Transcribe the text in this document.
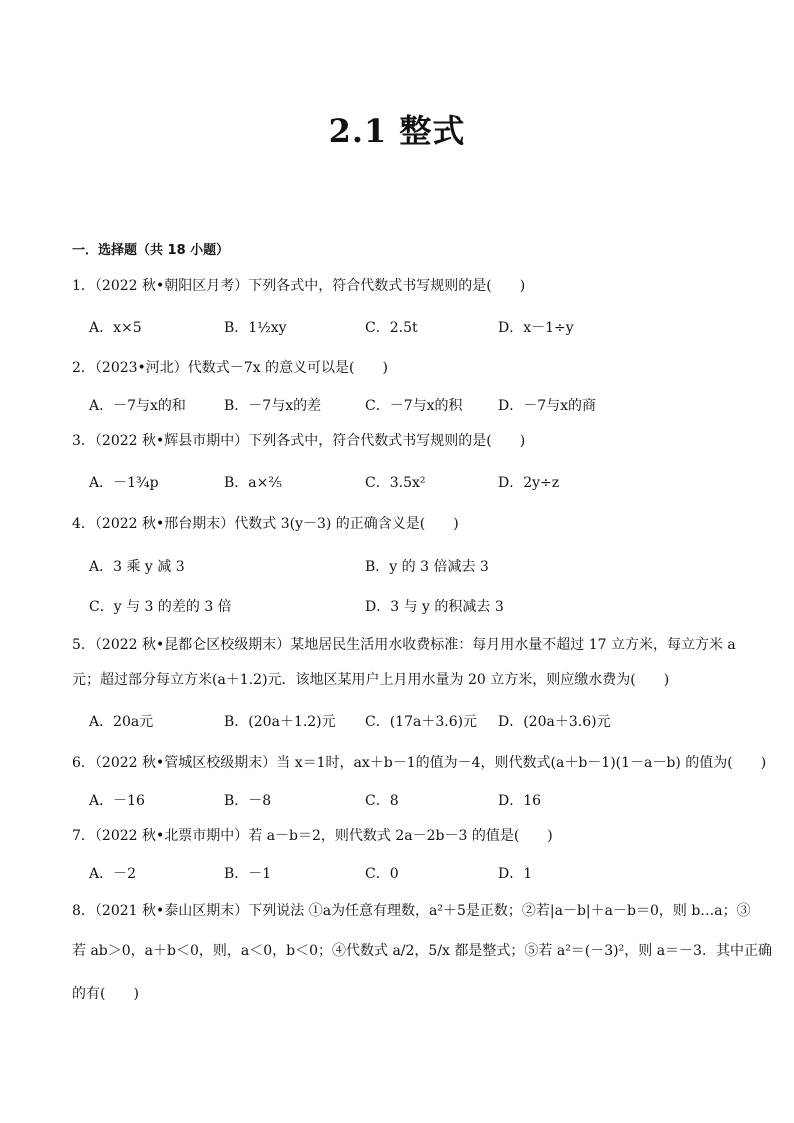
2.1 整式
一．选择题（共 18 小题）
1．（2022 秋•朝阳区月考）下列各式中，符合代数式书写规则的是(　　)
A．x×5	B．1½xy	C．2.5t	D．x－1÷y
2．（2023•河北）代数式－7x 的意义可以是(　　)
A．－7与x的和	B．－7与x的差	C．－7与x的积	D．－7与x的商
3．（2022 秋•辉县市期中）下列各式中，符合代数式书写规则的是(　　)
A．－1¾p	B．a×⅖	C．3.5x²	D．2y÷z
4．（2022 秋•邢台期末）代数式 3(y－3) 的正确含义是(　　)
A．3 乘 y 减 3	B．y 的 3 倍减去 3
C．y 与 3 的差的 3 倍	D．3 与 y 的积减去 3
5．（2022 秋•昆都仑区校级期末）某地居民生活用水收费标准：每月用水量不超过 17 立方米，每立方米 a
元；超过部分每立方米(a＋1.2)元．该地区某用户上月用水量为 20 立方米，则应缴水费为(　　)
A．20a元	B．(20a＋1.2)元 C．(17a＋3.6)元 D．(20a＋3.6)元
6．（2022 秋•管城区校级期末）当 x＝1时，ax＋b－1的值为－4，则代数式(a＋b－1)(1－a－b) 的值为(　　)
A．－16	B．－8	C．8	D．16
7．（2022 秋•北票市期中）若 a－b＝2，则代数式 2a－2b－3 的值是(　　)
A．－2	B．－1	C．0	D．1
8．（2021 秋•泰山区期末）下列说法 ①a为任意有理数，a²＋5是正数；②若|a－b|＋a－b＝0，则 b…a；③
若 ab＞0，a＋b＜0，则，a＜0，b＜0；④代数式 a/2，5/x 都是整式；⑤若 a²＝(－3)²，则 a＝－3．其中正确
的有(　　)
